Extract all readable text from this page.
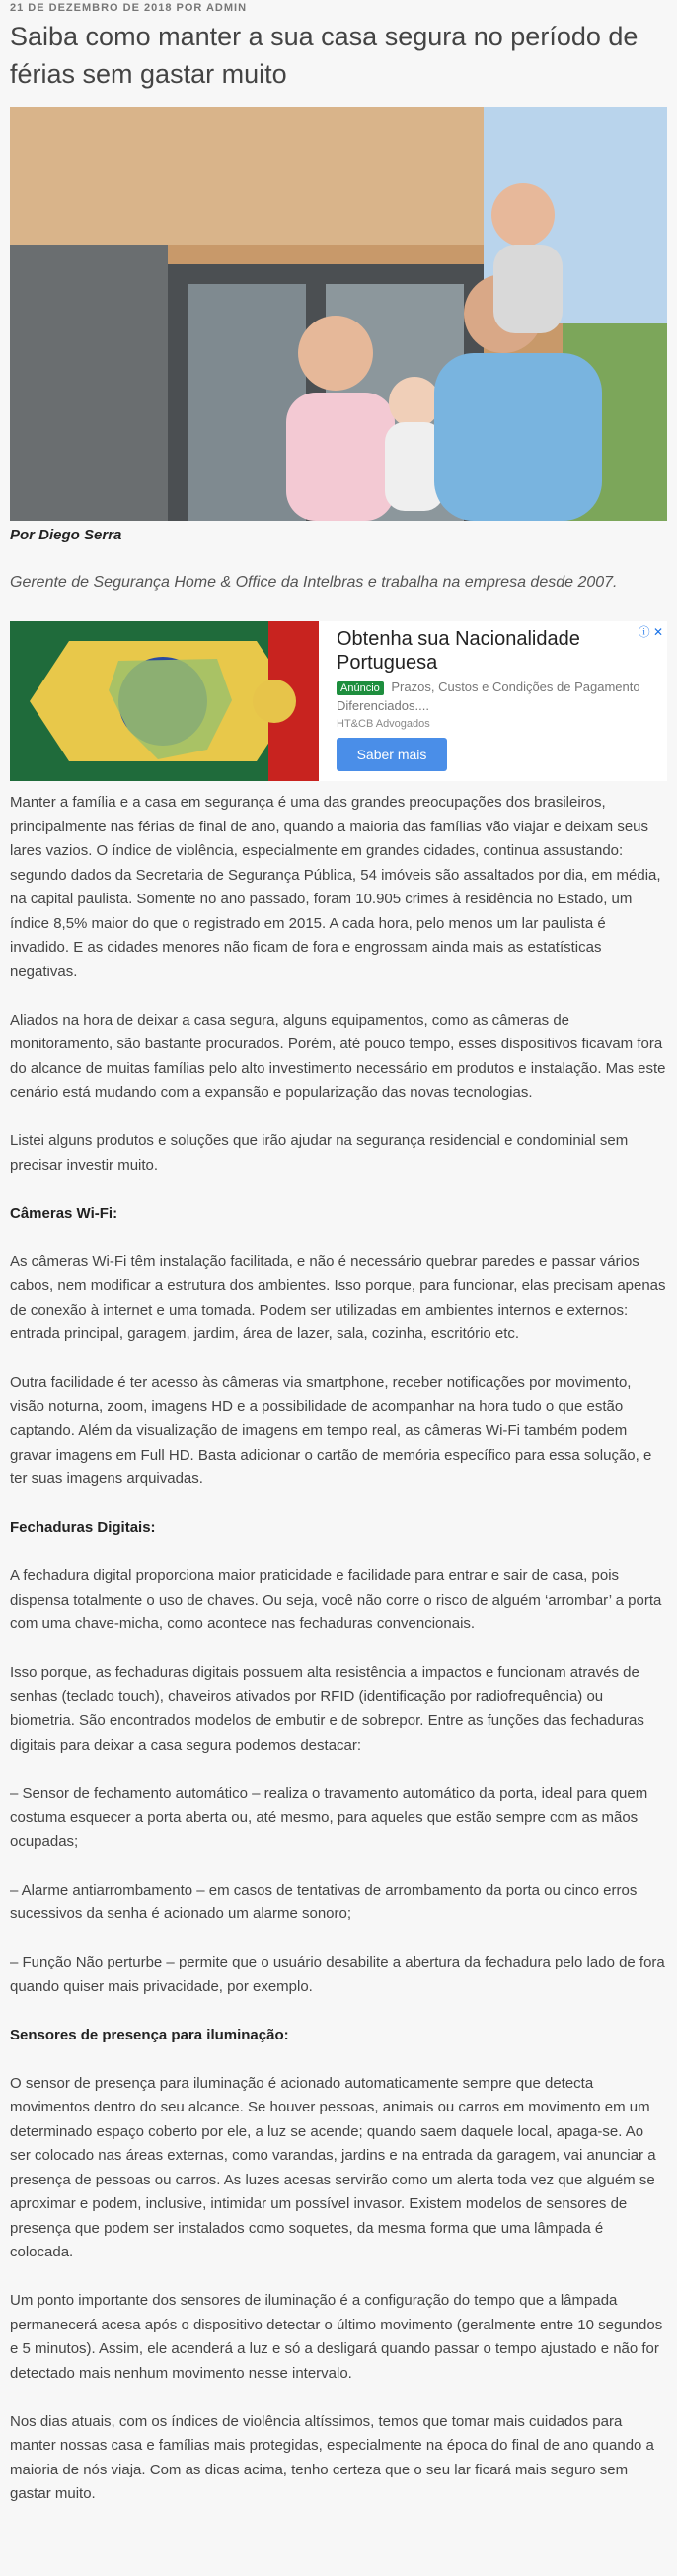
21 DE DEZEMBRO DE 2018 POR ADMIN
Saiba como manter a sua casa segura no período de férias sem gastar muito
Por Diego Serra
Gerente de Segurança Home & Office da Intelbras e trabalha na empresa desde 2007.
ⓘ ✕
Obtenha sua Nacionalidade Portuguesa
Anúncio Prazos, Custos e Condições de Pagamento Diferenciados....
HT&CB Advogados
Saber mais

Manter a família e a casa em segurança é uma das grandes preocupações dos brasileiros, principalmente nas férias de final de ano, quando a maioria das famílias vão viajar e deixam seus lares vazios. O índice de violência, especialmente em grandes cidades, continua assustando: segundo dados da Secretaria de Segurança Pública, 54 imóveis são assaltados por dia, em média, na capital paulista. Somente no ano passado, foram 10.905 crimes à residência no Estado, um índice 8,5% maior do que o registrado em 2015. A cada hora, pelo menos um lar paulista é invadido. E as cidades menores não ficam de fora e engrossam ainda mais as estatísticas negativas.

Aliados na hora de deixar a casa segura, alguns equipamentos, como as câmeras de monitoramento, são bastante procurados. Porém, até pouco tempo, esses dispositivos ficavam fora do alcance de muitas famílias pelo alto investimento necessário em produtos e instalação. Mas este cenário está mudando com a expansão e popularização das novas tecnologias.

Listei alguns produtos e soluções que irão ajudar na segurança residencial e condominial sem precisar investir muito.

Câmeras Wi-Fi:

As câmeras Wi-Fi têm instalação facilitada, e não é necessário quebrar paredes e passar vários cabos, nem modificar a estrutura dos ambientes. Isso porque, para funcionar, elas precisam apenas de conexão à internet e uma tomada. Podem ser utilizadas em ambientes internos e externos: entrada principal, garagem, jardim, área de lazer, sala, cozinha, escritório etc.

Outra facilidade é ter acesso às câmeras via smartphone, receber notificações por movimento, visão noturna, zoom, imagens HD e a possibilidade de acompanhar na hora tudo o que estão captando. Além da visualização de imagens em tempo real, as câmeras Wi-Fi também podem gravar imagens em Full HD. Basta adicionar o cartão de memória específico para essa solução, e ter suas imagens arquivadas.

Fechaduras Digitais:

A fechadura digital proporciona maior praticidade e facilidade para entrar e sair de casa, pois dispensa totalmente o uso de chaves. Ou seja, você não corre o risco de alguém ‘arrombar’ a porta com uma chave-micha, como acontece nas fechaduras convencionais.

Isso porque, as fechaduras digitais possuem alta resistência a impactos e funcionam através de senhas (teclado touch), chaveiros ativados por RFID (identificação por radiofrequência) ou biometria. São encontrados modelos de embutir e de sobrepor. Entre as funções das fechaduras digitais para deixar a casa segura podemos destacar:

– Sensor de fechamento automático – realiza o travamento automático da porta, ideal para quem costuma esquecer a porta aberta ou, até mesmo, para aqueles que estão sempre com as mãos ocupadas;

– Alarme antiarrombamento – em casos de tentativas de arrombamento da porta ou cinco erros sucessivos da senha é acionado um alarme sonoro;

– Função Não perturbe – permite que o usuário desabilite a abertura da fechadura pelo lado de fora quando quiser mais privacidade, por exemplo.

Sensores de presença para iluminação:

O sensor de presença para iluminação é acionado automaticamente sempre que detecta movimentos dentro do seu alcance. Se houver pessoas, animais ou carros em movimento em um determinado espaço coberto por ele, a luz se acende; quando saem daquele local, apaga-se. Ao ser colocado nas áreas externas, como varandas, jardins e na entrada da garagem, vai anunciar a presença de pessoas ou carros. As luzes acesas servirão como um alerta toda vez que alguém se aproximar e podem, inclusive, intimidar um possível invasor. Existem modelos de sensores de presença que podem ser instalados como soquetes, da mesma forma que uma lâmpada é colocada.

Um ponto importante dos sensores de iluminação é a configuração do tempo que a lâmpada permanecerá acesa após o dispositivo detectar o último movimento (geralmente entre 10 segundos e 5 minutos). Assim, ele acenderá a luz e só a desligará quando passar o tempo ajustado e não for detectado mais nenhum movimento nesse intervalo.

Nos dias atuais, com os índices de violência altíssimos, temos que tomar mais cuidados para manter nossas casa e famílias mais protegidas, especialmente na época do final de ano quando a maioria de nós viaja. Com as dicas acima, tenho certeza que o seu lar ficará mais seguro sem gastar muito.
